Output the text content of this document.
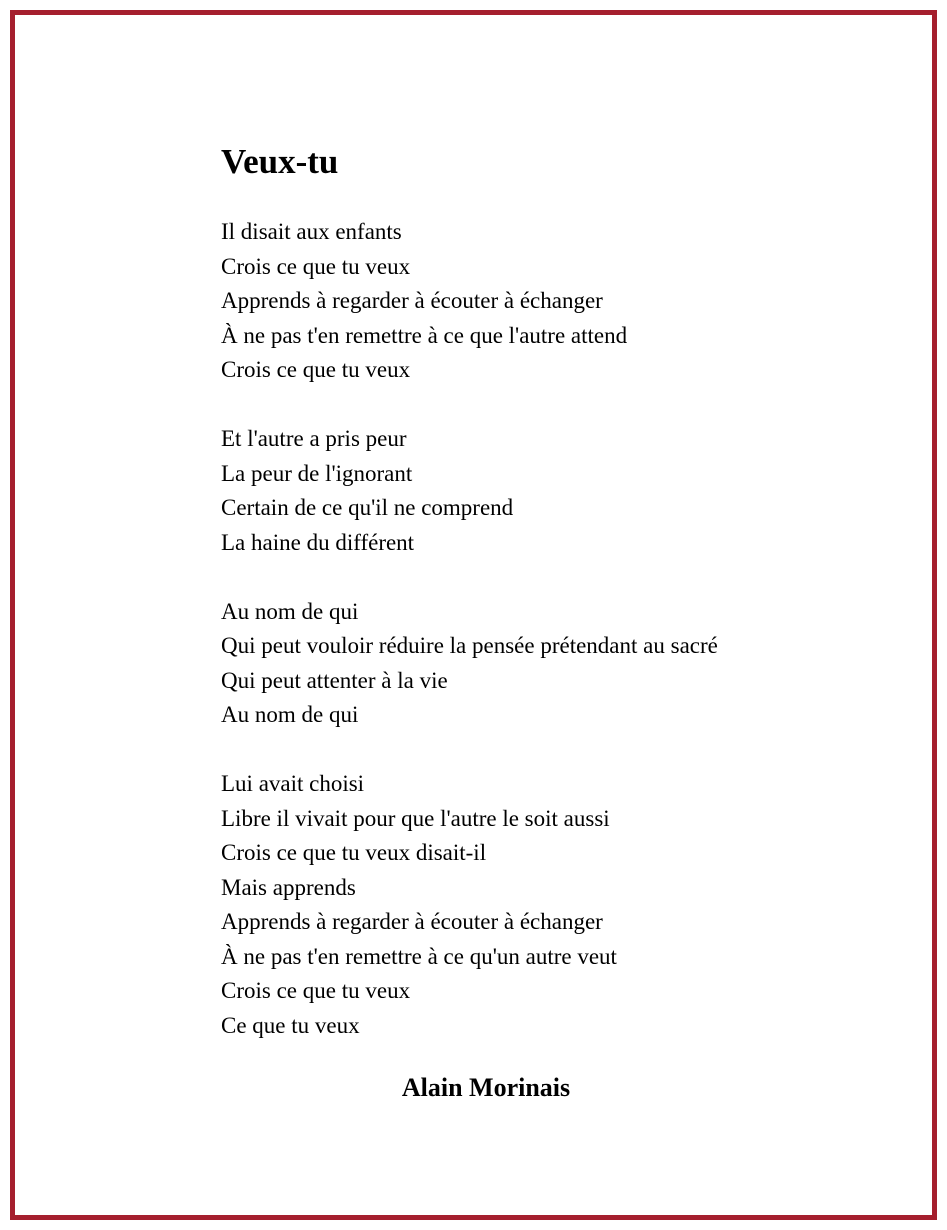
Veux-tu
Il disait aux enfants
Crois ce que tu veux
Apprends à regarder à écouter à échanger
À ne pas t'en remettre à ce que l'autre attend
Crois ce que tu veux
Et l'autre a pris peur
La peur de l'ignorant
Certain de ce qu'il ne comprend
La haine du différent
Au nom de qui
Qui peut vouloir réduire la pensée prétendant au sacré
Qui peut attenter à la vie
Au nom de qui
Lui avait choisi
Libre il vivait pour que l'autre le soit aussi
Crois ce que tu veux disait-il
Mais apprends
Apprends à regarder à écouter à échanger
À ne pas t'en remettre à ce qu'un autre veut
Crois ce que tu veux
Ce que tu veux

Alain Morinais
